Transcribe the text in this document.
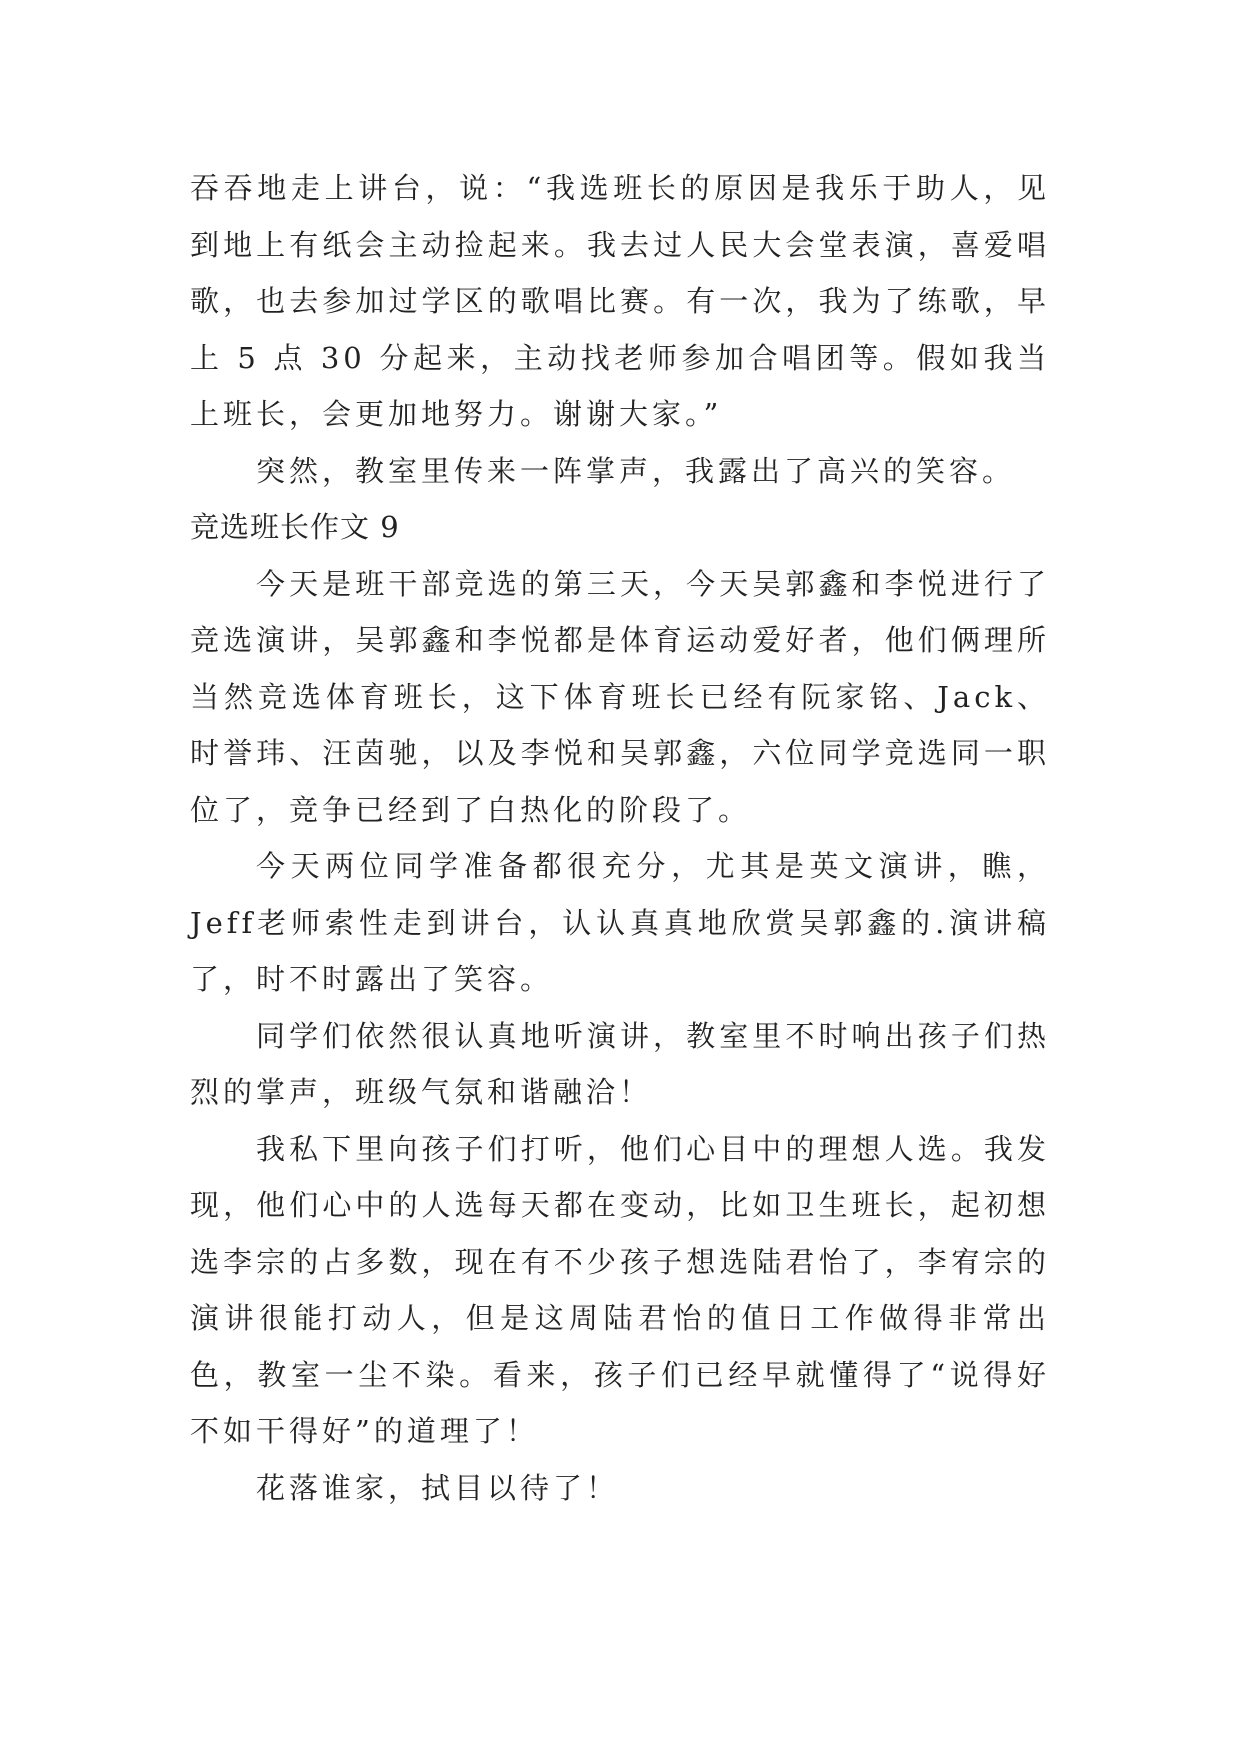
吞吞地走上讲台，说：“我选班长的原因是我乐于助人，见到地上有纸会主动捡起来。我去过人民大会堂表演，喜爱唱歌，也去参加过学区的歌唱比赛。有一次，我为了练歌，早上 5 点 30 分起来，主动找老师参加合唱团等。假如我当上班长，会更加地努力。谢谢大家。”

突然，教室里传来一阵掌声，我露出了高兴的笑容。

竞选班长作文 9

今天是班干部竞选的第三天，今天吴郭鑫和李悦进行了竞选演讲，吴郭鑫和李悦都是体育运动爱好者，他们俩理所当然竞选体育班长，这下体育班长已经有阮家铭、Jack、时誉玮、汪茵驰，以及李悦和吴郭鑫，六位同学竞选同一职位了，竞争已经到了白热化的阶段了。

今天两位同学准备都很充分，尤其是英文演讲，瞧，Jeff老师索性走到讲台，认认真真地欣赏吴郭鑫的.演讲稿了，时不时露出了笑容。

同学们依然很认真地听演讲，教室里不时响出孩子们热烈的掌声，班级气氛和谐融洽！

我私下里向孩子们打听，他们心目中的理想人选。我发现，他们心中的人选每天都在变动，比如卫生班长，起初想选李宗的占多数，现在有不少孩子想选陆君怡了，李宥宗的演讲很能打动人，但是这周陆君怡的值日工作做得非常出色，教室一尘不染。看来，孩子们已经早就懂得了“说得好不如干得好”的道理了！

花落谁家，拭目以待了！
